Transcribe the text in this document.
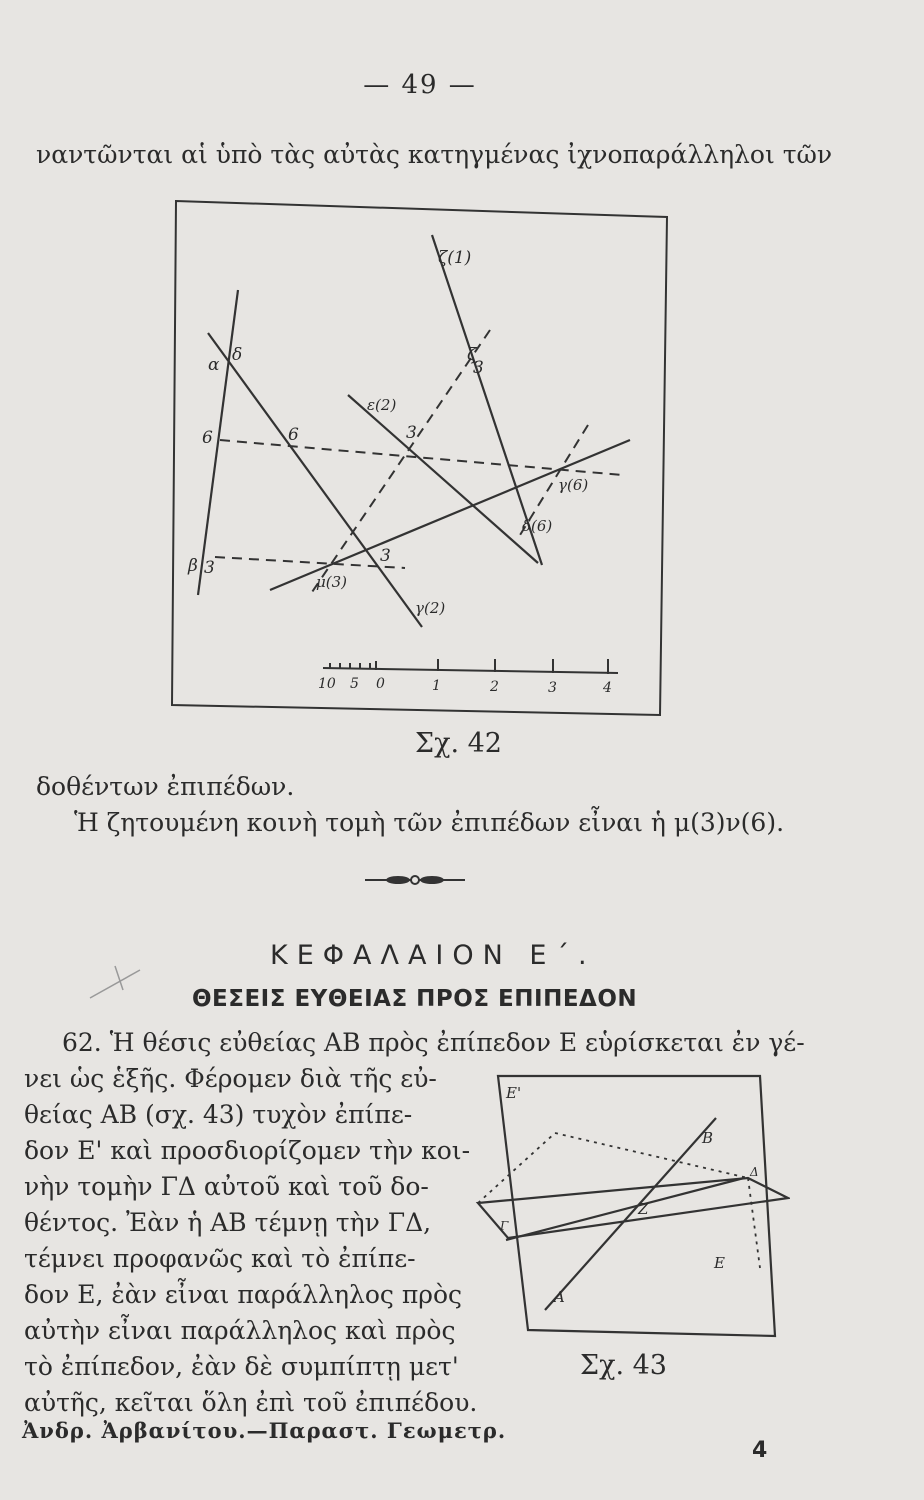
— 49 —
ναντῶνται αἱ ὑπὸ τὰς αὐτὰς κατηγμένας ἰχνοπαράλληλοι τῶν
ζ(1)
ζ
3
α δ
ε(2)
3
6	6
γ(6)
δ(6)
β 3
3
μ(3)
γ(2)
10 5 0	1	2	3	4
Σχ. 42
δοθέντων ἐπιπέδων.
Ἡ ζητουμένη κοινὴ τομὴ τῶν ἐπιπέδων εἶναι ἡ μ(3)ν(6).
ΚΕΦΑΛΑΙΟΝ Ε΄.
ΘΕΣΕΙΣ ΕΥΘΕΙΑΣ ΠΡΟΣ ΕΠΙΠΕΔΟΝ
62. Ἡ θέσις εὐθείας ΑΒ πρὸς ἐπίπεδον Ε εὑρίσκεται ἐν γέ-
νει ὡς ἑξῆς. Φέρομεν διὰ τῆς εὐ-
θείας ΑΒ (σχ. 43) τυχὸν ἐπίπε-
δον Ε' καὶ προσδιορίζομεν τὴν κοι-
νὴν τομὴν ΓΔ αὐτοῦ καὶ τοῦ δο-
θέντος. Ἐὰν ἡ ΑΒ τέμνῃ τὴν ΓΔ,
τέμνει προφανῶς καὶ τὸ ἐπίπε-
δον Ε, ἐὰν εἶναι παράλληλος πρὸς
αὐτὴν εἶναι παράλληλος καὶ πρὸς
τὸ ἐπίπεδον, ἐὰν δὲ συμπίπτῃ μετ'
αὐτῆς, κεῖται ὅλη ἐπὶ τοῦ ἐπιπέδου.
Ε'
Β
Δ
Γ
Ζ
Ε
Α
Σχ. 43
Ἀνδρ. Ἀρβανίτου.—Παραστ. Γεωμετρ.
4
